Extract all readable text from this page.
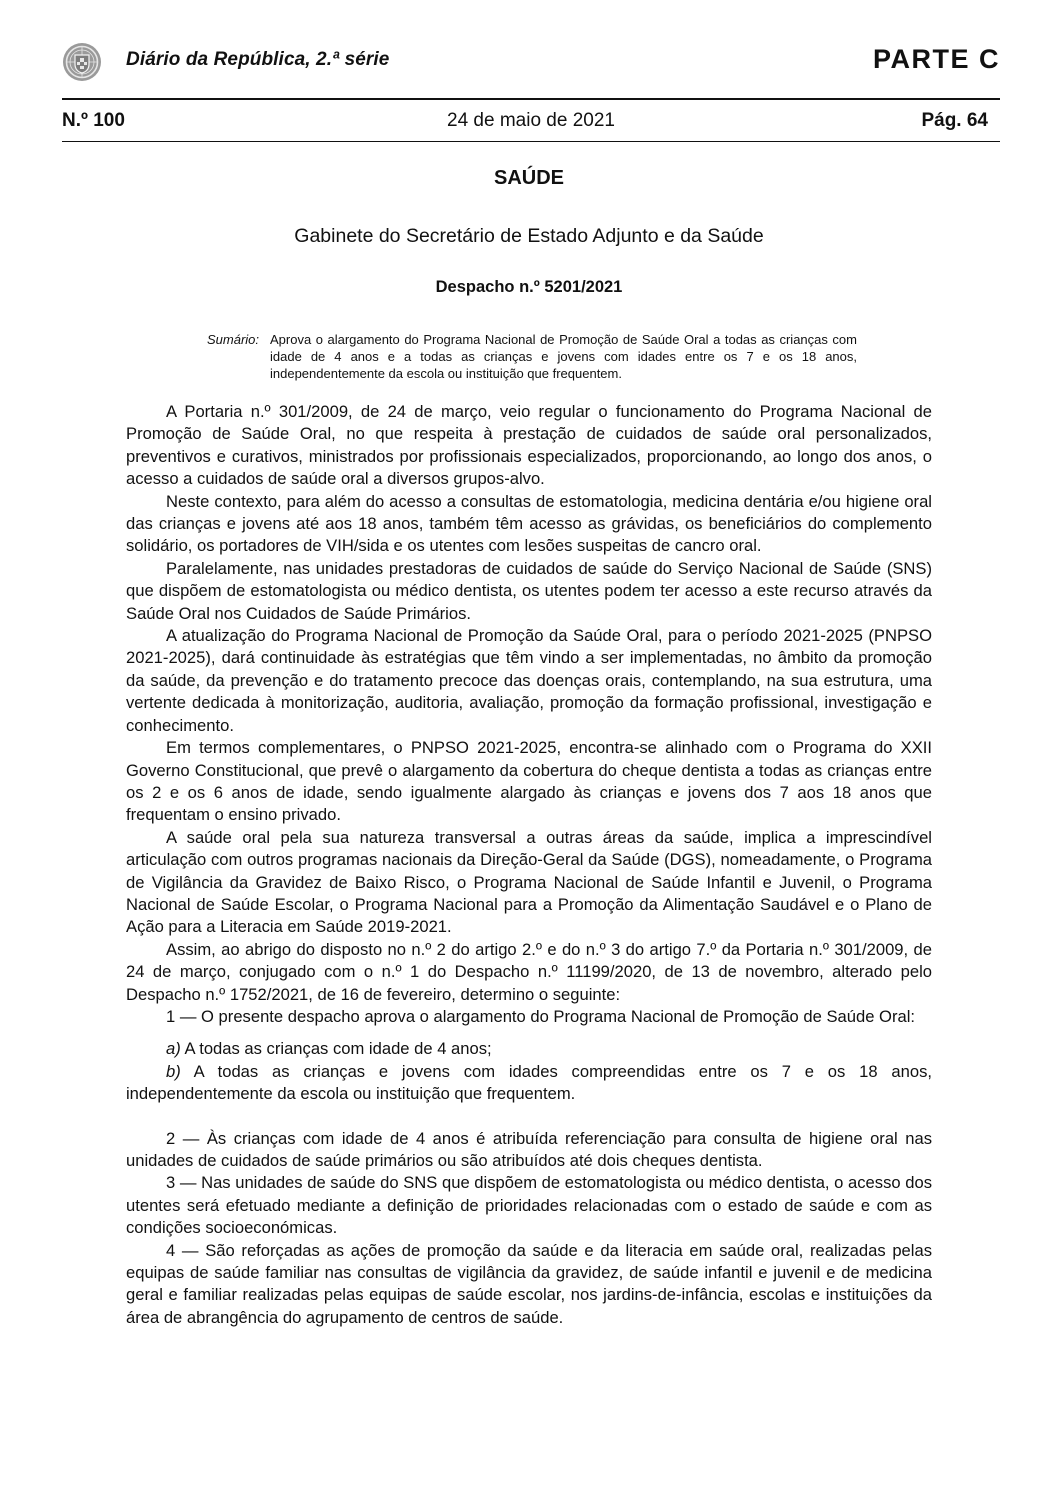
Diário da República, 2.ª série	PARTE C
24 de maio de 2021
N.º 100	Pág. 64
SAÚDE
Gabinete do Secretário de Estado Adjunto e da Saúde
Despacho n.º 5201/2021
Sumário: Aprova o alargamento do Programa Nacional de Promoção de Saúde Oral a todas as crianças com idade de 4 anos e a todas as crianças e jovens com idades entre os 7 e os 18 anos, independentemente da escola ou instituição que frequentem.

A Portaria n.º 301/2009, de 24 de março, veio regular o funcionamento do Programa Nacional de Promoção de Saúde Oral, no que respeita à prestação de cuidados de saúde oral personalizados, preventivos e curativos, ministrados por profissionais especializados, proporcionando, ao longo dos anos, o acesso a cuidados de saúde oral a diversos grupos-alvo.

Neste contexto, para além do acesso a consultas de estomatologia, medicina dentária e/ou higiene oral das crianças e jovens até aos 18 anos, também têm acesso as grávidas, os beneficiários do complemento solidário, os portadores de VIH/sida e os utentes com lesões suspeitas de cancro oral.

Paralelamente, nas unidades prestadoras de cuidados de saúde do Serviço Nacional de Saúde (SNS) que dispõem de estomatologista ou médico dentista, os utentes podem ter acesso a este recurso através da Saúde Oral nos Cuidados de Saúde Primários.

A atualização do Programa Nacional de Promoção da Saúde Oral, para o período 2021-2025 (PNPSO 2021-2025), dará continuidade às estratégias que têm vindo a ser implementadas, no âmbito da promoção da saúde, da prevenção e do tratamento precoce das doenças orais, contemplando, na sua estrutura, uma vertente dedicada à monitorização, auditoria, avaliação, promoção da formação profissional, investigação e conhecimento.

Em termos complementares, o PNPSO 2021-2025, encontra-se alinhado com o Programa do XXII Governo Constitucional, que prevê o alargamento da cobertura do cheque dentista a todas as crianças entre os 2 e os 6 anos de idade, sendo igualmente alargado às crianças e jovens dos 7 aos 18 anos que frequentam o ensino privado.

A saúde oral pela sua natureza transversal a outras áreas da saúde, implica a imprescindível articulação com outros programas nacionais da Direção-Geral da Saúde (DGS), nomeadamente, o Programa de Vigilância da Gravidez de Baixo Risco, o Programa Nacional de Saúde Infantil e Juvenil, o Programa Nacional de Saúde Escolar, o Programa Nacional para a Promoção da Alimentação Saudável e o Plano de Ação para a Literacia em Saúde 2019-2021.

Assim, ao abrigo do disposto no n.º 2 do artigo 2.º e do n.º 3 do artigo 7.º da Portaria n.º 301/2009, de 24 de março, conjugado com o n.º 1 do Despacho n.º 11199/2020, de 13 de novembro, alterado pelo Despacho n.º 1752/2021, de 16 de fevereiro, determino o seguinte:

1 — O presente despacho aprova o alargamento do Programa Nacional de Promoção de Saúde Oral:

a) A todas as crianças com idade de 4 anos;

b) A todas as crianças e jovens com idades compreendidas entre os 7 e os 18 anos, independentemente da escola ou instituição que frequentem.

2 — Às crianças com idade de 4 anos é atribuída referenciação para consulta de higiene oral nas unidades de cuidados de saúde primários ou são atribuídos até dois cheques dentista.

3 — Nas unidades de saúde do SNS que dispõem de estomatologista ou médico dentista, o acesso dos utentes será efetuado mediante a definição de prioridades relacionadas com o estado de saúde e com as condições socioeconómicas.

4 — São reforçadas as ações de promoção da saúde e da literacia em saúde oral, realizadas pelas equipas de saúde familiar nas consultas de vigilância da gravidez, de saúde infantil e juvenil e de medicina geral e familiar realizadas pelas equipas de saúde escolar, nos jardins-de-infância, escolas e instituições da área de abrangência do agrupamento de centros de saúde.
